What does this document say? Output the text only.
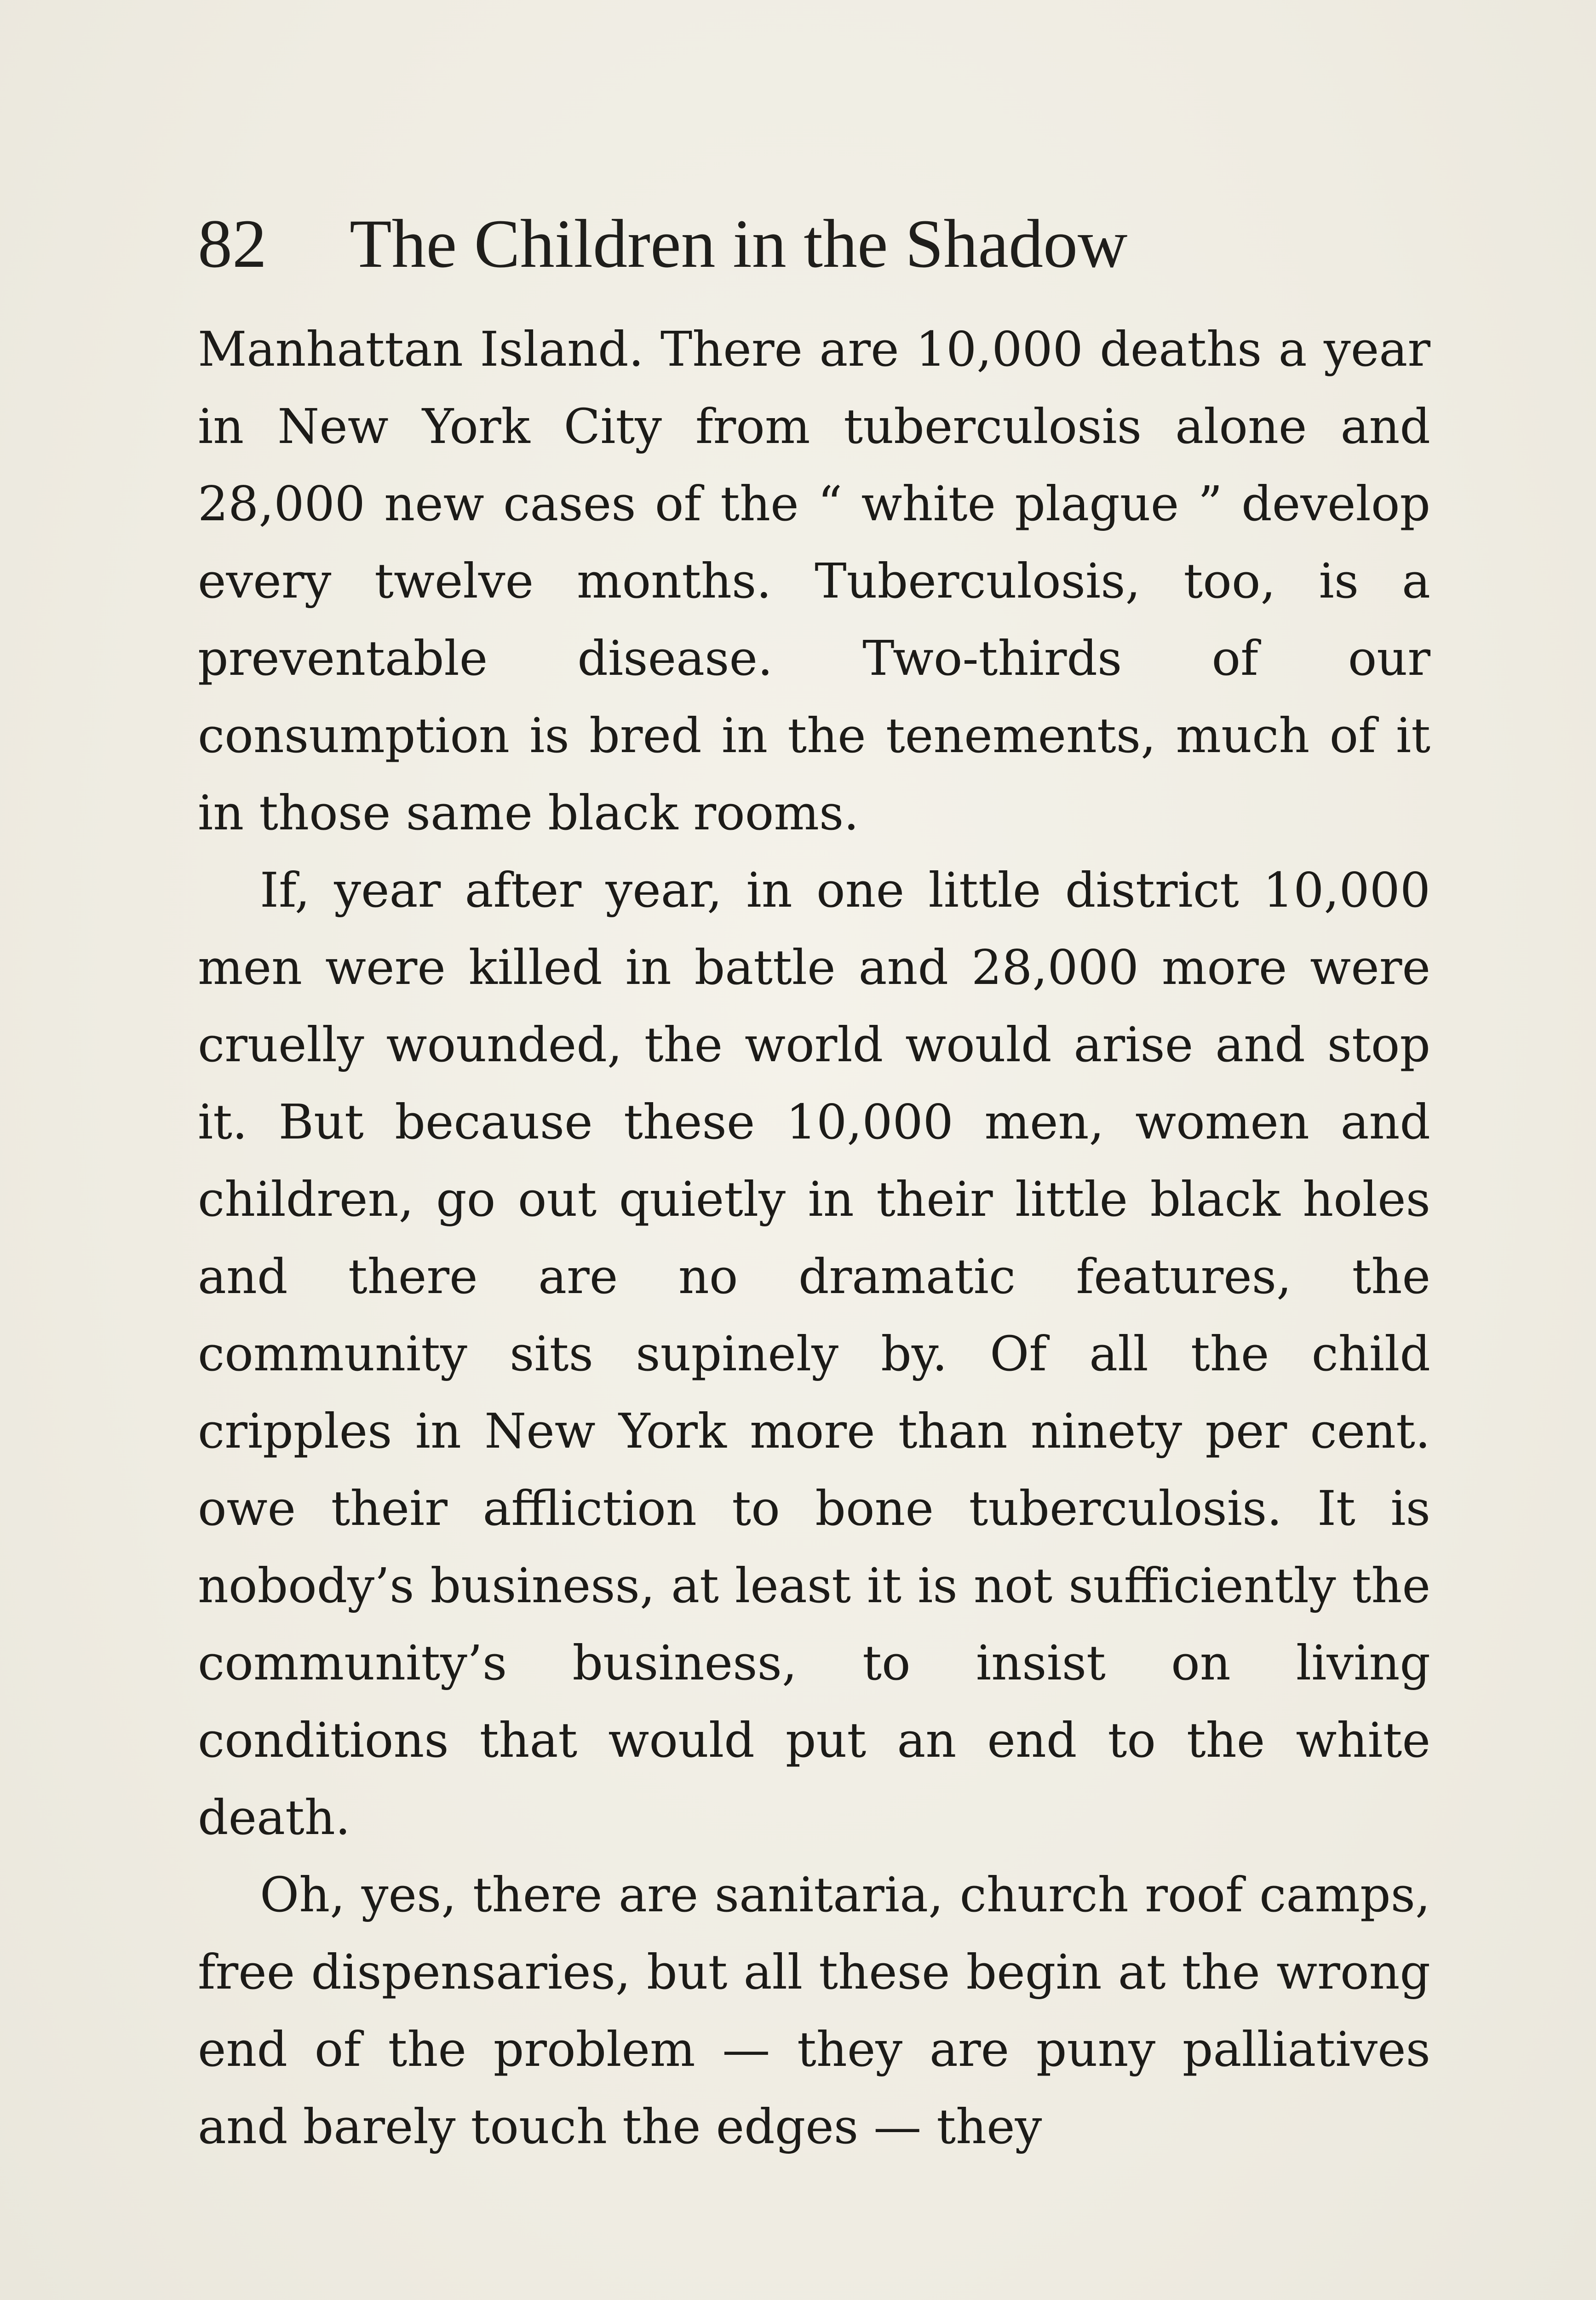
82 The Children in the Shadow

Manhattan Island. There are 10,000 deaths a year in New York City from tuberculosis alone and 28,000 new cases of the “ white plague ” develop every twelve months. Tuberculosis, too, is a preventable disease. Two-thirds of our consumption is bred in the tenements, much of it in those same black rooms.

If, year after year, in one little district 10,000 men were killed in battle and 28,000 more were cruelly wounded, the world would arise and stop it. But because these 10,000 men, women and children, go out quietly in their little black holes and there are no dramatic features, the community sits supinely by. Of all the child cripples in New York more than ninety per cent. owe their affliction to bone tuberculosis. It is nobody’s business, at least it is not sufficiently the community’s business, to insist on living conditions that would put an end to the white death.

Oh, yes, there are sanitaria, church roof camps, free dispensaries, but all these begin at the wrong end of the problem — they are puny palliatives and barely touch the edges — they
